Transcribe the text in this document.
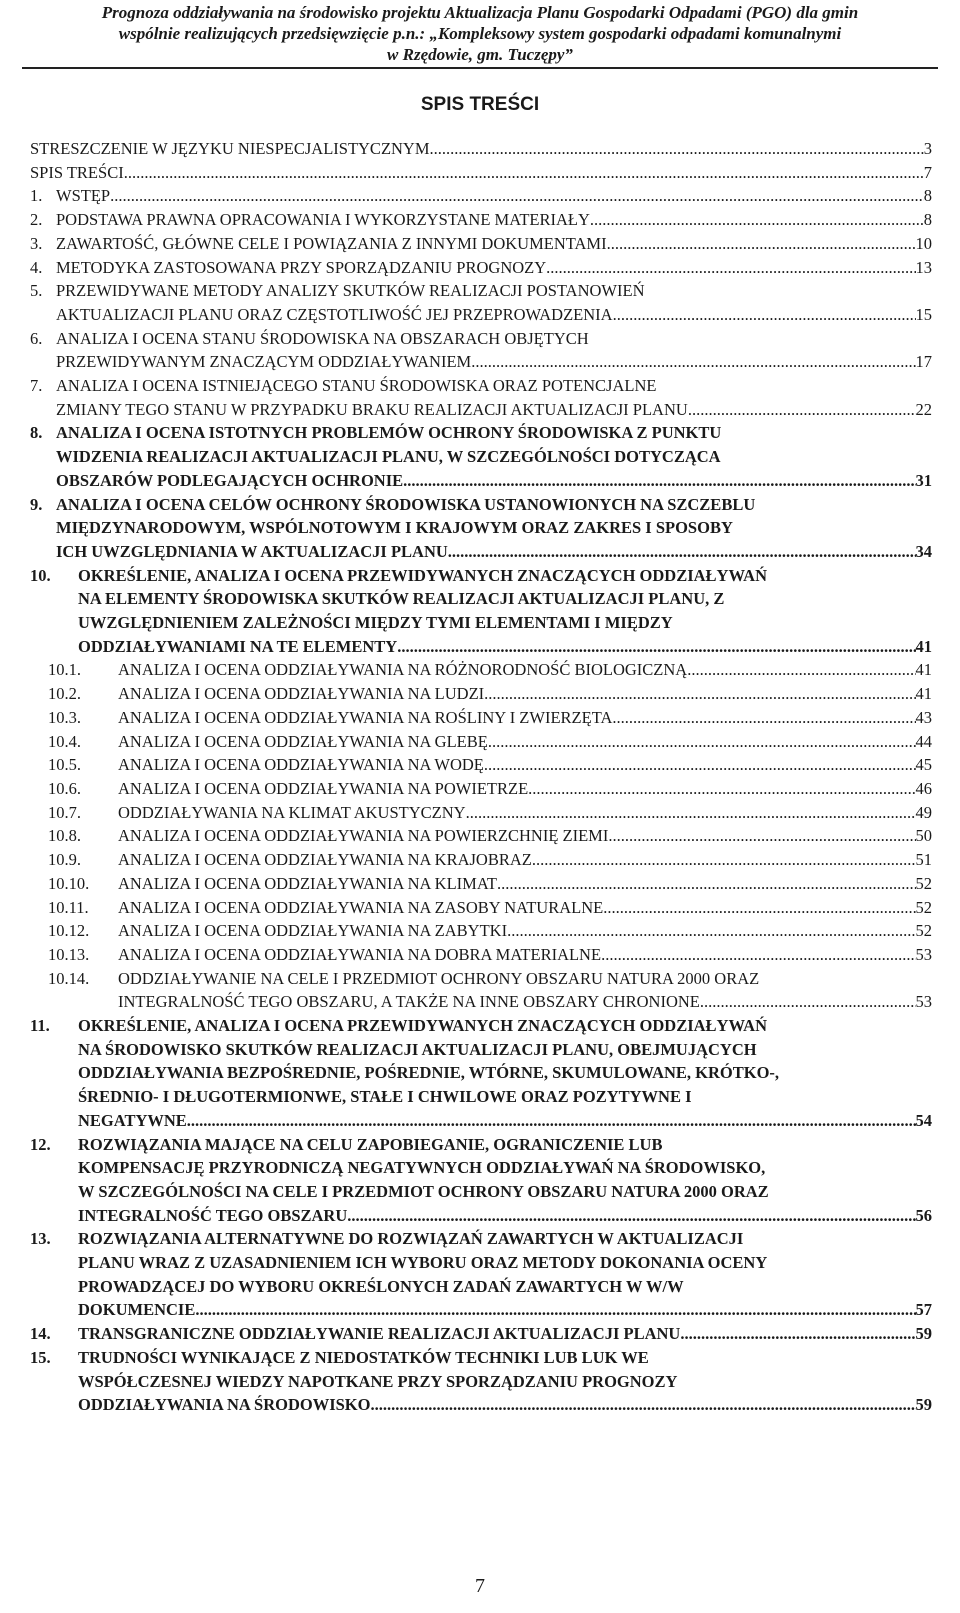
Prognoza oddziaływania na środowisko projektu Aktualizacja Planu Gospodarki Odpadami (PGO) dla gmin
wspólnie realizujących przedsięwzięcie p.n.: „Kompleksowy system gospodarki odpadami komunalnymi
w Rzędowie, gm. Tuczępy”
SPIS TREŚCI
STRESZCZENIE W JĘZYKU NIESPECJALISTYCZNYM .....	3
SPIS TREŚCI .....	7
1. WSTĘP .....	8
2. PODSTAWA PRAWNA OPRACOWANIA I WYKORZYSTANE MATERIAŁY .....	8
3. ZAWARTOŚĆ, GŁÓWNE CELE I POWIĄZANIA Z INNYMI DOKUMENTAMI .....	10
4. METODYKA ZASTOSOWANA PRZY SPORZĄDZANIU PROGNOZY .....	13
5. PRZEWIDYWANE METODY ANALIZY SKUTKÓW REALIZACJI POSTANOWIEŃ
AKTUALIZACJI PLANU ORAZ CZĘSTOTLIWOŚĆ JEJ PRZEPROWADZENIA .....	15
6. ANALIZA I OCENA STANU ŚRODOWISKA NA OBSZARACH OBJĘTYCH
PRZEWIDYWANYM ZNACZĄCYM ODDZIAŁYWANIEM .....	17
7. ANALIZA I OCENA ISTNIEJĄCEGO STANU ŚRODOWISKA ORAZ POTENCJALNE
ZMIANY TEGO STANU W PRZYPADKU BRAKU REALIZACJI AKTUALIZACJI PLANU .....	22
8. ANALIZA I OCENA ISTOTNYCH PROBLEMÓW OCHRONY ŚRODOWISKA Z PUNKTU
WIDZENIA REALIZACJI AKTUALIZACJI PLANU, W SZCZEGÓLNOŚCI DOTYCZĄCA
OBSZARÓW PODLEGAJĄCYCH OCHRONIE .....	31
9. ANALIZA I OCENA CELÓW OCHRONY ŚRODOWISKA USTANOWIONYCH NA SZCZEBLU
MIĘDZYNARODOWYM, WSPÓLNOTOWYM I KRAJOWYM ORAZ ZAKRES I SPOSOBY
ICH UWZGLĘDNIANIA W AKTUALIZACJI PLANU .....	34
10.	OKREŚLENIE, ANALIZA I OCENA PRZEWIDYWANYCH ZNACZĄCYCH ODDZIAŁYWAŃ
NA ELEMENTY ŚRODOWISKA SKUTKÓW REALIZACJI AKTUALIZACJI PLANU, Z
UWZGLĘDNIENIEM ZALEŻNOŚCI MIĘDZY TYMI ELEMENTAMI I MIĘDZY
ODDZIAŁYWANIAMI NA TE ELEMENTY .....	41
10.1.	ANALIZA I OCENA ODDZIAŁYWANIA NA RÓŻNORODNOŚĆ BIOLOGICZNĄ .....	41
10.2.	ANALIZA I OCENA ODDZIAŁYWANIA NA LUDZI .....	41
10.3.	ANALIZA I OCENA ODDZIAŁYWANIA NA ROŚLINY I ZWIERZĘTA .....	43
10.4.	ANALIZA I OCENA ODDZIAŁYWANIA NA GLEBĘ .....	44
10.5.	ANALIZA I OCENA ODDZIAŁYWANIA NA WODĘ .....	45
10.6.	ANALIZA I OCENA ODDZIAŁYWANIA NA POWIETRZE .....	46
10.7.	ODDZIAŁYWANIA NA KLIMAT AKUSTYCZNY .....	49
10.8.	ANALIZA I OCENA ODDZIAŁYWANIA NA POWIERZCHNIĘ ZIEMI .....	50
10.9.	ANALIZA I OCENA ODDZIAŁYWANIA NA KRAJOBRAZ .....	51
10.10.	ANALIZA I OCENA ODDZIAŁYWANIA NA KLIMAT .....	52
10.11.	ANALIZA I OCENA ODDZIAŁYWANIA NA ZASOBY NATURALNE .....	52
10.12.	ANALIZA I OCENA ODDZIAŁYWANIA NA ZABYTKI .....	52
10.13.	ANALIZA I OCENA ODDZIAŁYWANIA NA DOBRA MATERIALNE .....	53
10.14.	ODDZIAŁYWANIE NA CELE I PRZEDMIOT OCHRONY OBSZARU NATURA 2000 ORAZ
INTEGRALNOŚĆ TEGO OBSZARU, A TAKŻE NA INNE OBSZARY CHRONIONE .....	53
11.	OKREŚLENIE, ANALIZA I OCENA PRZEWIDYWANYCH ZNACZĄCYCH ODDZIAŁYWAŃ
NA ŚRODOWISKO SKUTKÓW REALIZACJI AKTUALIZACJI PLANU, OBEJMUJĄCYCH
ODDZIAŁYWANIA BEZPOŚREDNIE, POŚREDNIE, WTÓRNE, SKUMULOWANE, KRÓTKO-,
ŚREDNIO- I DŁUGOTERMIONWE, STAŁE I CHWILOWE ORAZ POZYTYWNE I
NEGATYWNE .....	54
12.	ROZWIĄZANIA MAJĄCE NA CELU ZAPOBIEGANIE, OGRANICZENIE LUB
KOMPENSACJĘ PRZYRODNICZĄ NEGATYWNYCH ODDZIAŁYWAŃ NA ŚRODOWISKO,
W SZCZEGÓLNOŚCI NA CELE I PRZEDMIOT OCHRONY OBSZARU NATURA 2000 ORAZ
INTEGRALNOŚĆ TEGO OBSZARU .....	56
13.	ROZWIĄZANIA ALTERNATYWNE DO ROZWIĄZAŃ ZAWARTYCH W AKTUALIZACJI
PLANU WRAZ Z UZASADNIENIEM ICH WYBORU ORAZ METODY DOKONANIA OCENY
PROWADZĄCEJ DO WYBORU OKREŚLONYCH ZADAŃ ZAWARTYCH W W/W
DOKUMENCIE .....	57
14.	TRANSGRANICZNE ODDZIAŁYWANIE REALIZACJI AKTUALIZACJI PLANU .....	59
15.	TRUDNOŚCI WYNIKAJĄCE Z NIEDOSTATKÓW TECHNIKI LUB LUK WE
WSPÓŁCZESNEJ WIEDZY NAPOTKANE PRZY SPORZĄDZANIU PROGNOZY
ODDZIAŁYWANIA NA ŚRODOWISKO .....	59
7
